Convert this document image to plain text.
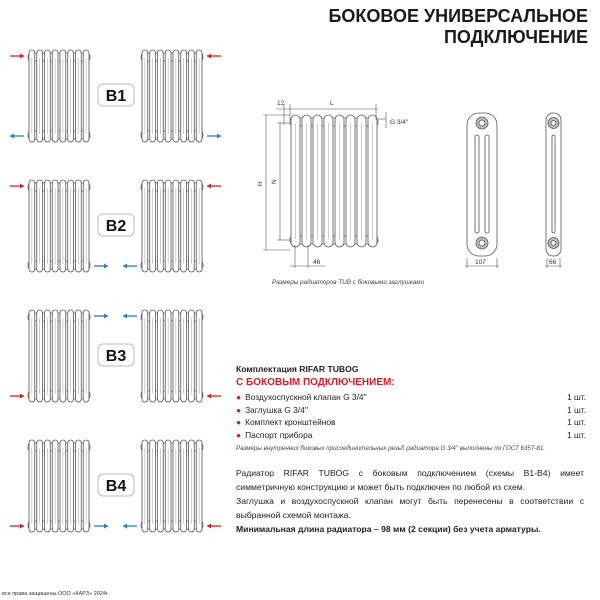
БОКОВОЕ УНИВЕРСАЛЬНОЕ
ПОДКЛЮЧЕНИЕ
B1
B2
B3
B4
12	L
G 3/4''
H N
46	107	66
Размеры радиаторов TUB с боковыми заглушками
Комплектация RIFAR TUBOG
С БОКОВЫМ ПОДКЛЮЧЕНИЕМ:
● Воздухоспускной клапан G 3/4''	1 шт.
● Заглушка G 3/4''	1 шт.
● Комплект кронштейнов	1 шт.
● Паспорт прибора	1 шт.
Размеры внутренних боковых присоединительных резьб радиатора G 3/4'' выполнены по ГОСТ 6357-81.
Радиатор RIFAR TUBOG с боковым подключением (схемы B1-B4) имеет симметричную конструкцию и может быть подключен по любой из схем.
Заглушка и воздухоспускной клапан могут быть перенесены в соответствии с выбранной схемой монтажа.
Минимальная длина радиатора – 98 мм (2 секции) без учета арматуры.
все права защищены ООО «КАРЗ» 2024г.
